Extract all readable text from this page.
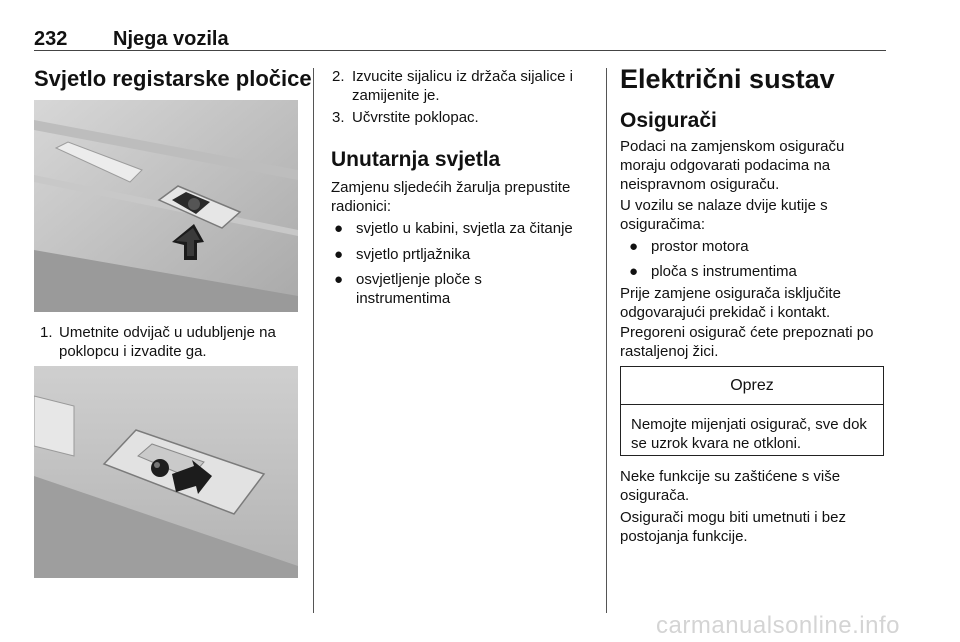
232 Njega vozila
Svjetlo registarske pločice
1. Umetnite odvijač u udubljenje na poklopcu i izvadite ga.
2. Izvucite sijalicu iz držača sijalice i zamijenite je.
3. Učvrstite poklopac.
Unutarnja svjetla

Zamjenu sljedećih žarulja prepustite radionici:

● svjetlo u kabini, svjetla za čitanje
● svjetlo prtljažnika
● osvjetljenje ploče s instrumentima
Električni sustav
Osigurači

Podaci na zamjenskom osiguraču moraju odgovarati podacima na neispravnom osiguraču.

U vozilu se nalaze dvije kutije s osiguračima:

● prostor motora
● ploča s instrumentima

Prije zamjene osigurača isključite odgovarajući prekidač i kontakt.

Pregoreni osigurač ćete prepoznati po rastaljenoj žici.

Oprez
Nemojte mijenjati osigurač, sve dok se uzrok kvara ne otkloni.

Neke funkcije su zaštićene s više osigurača.

Osigurači mogu biti umetnuti i bez postojanja funkcije.

carmanualsonline.info
